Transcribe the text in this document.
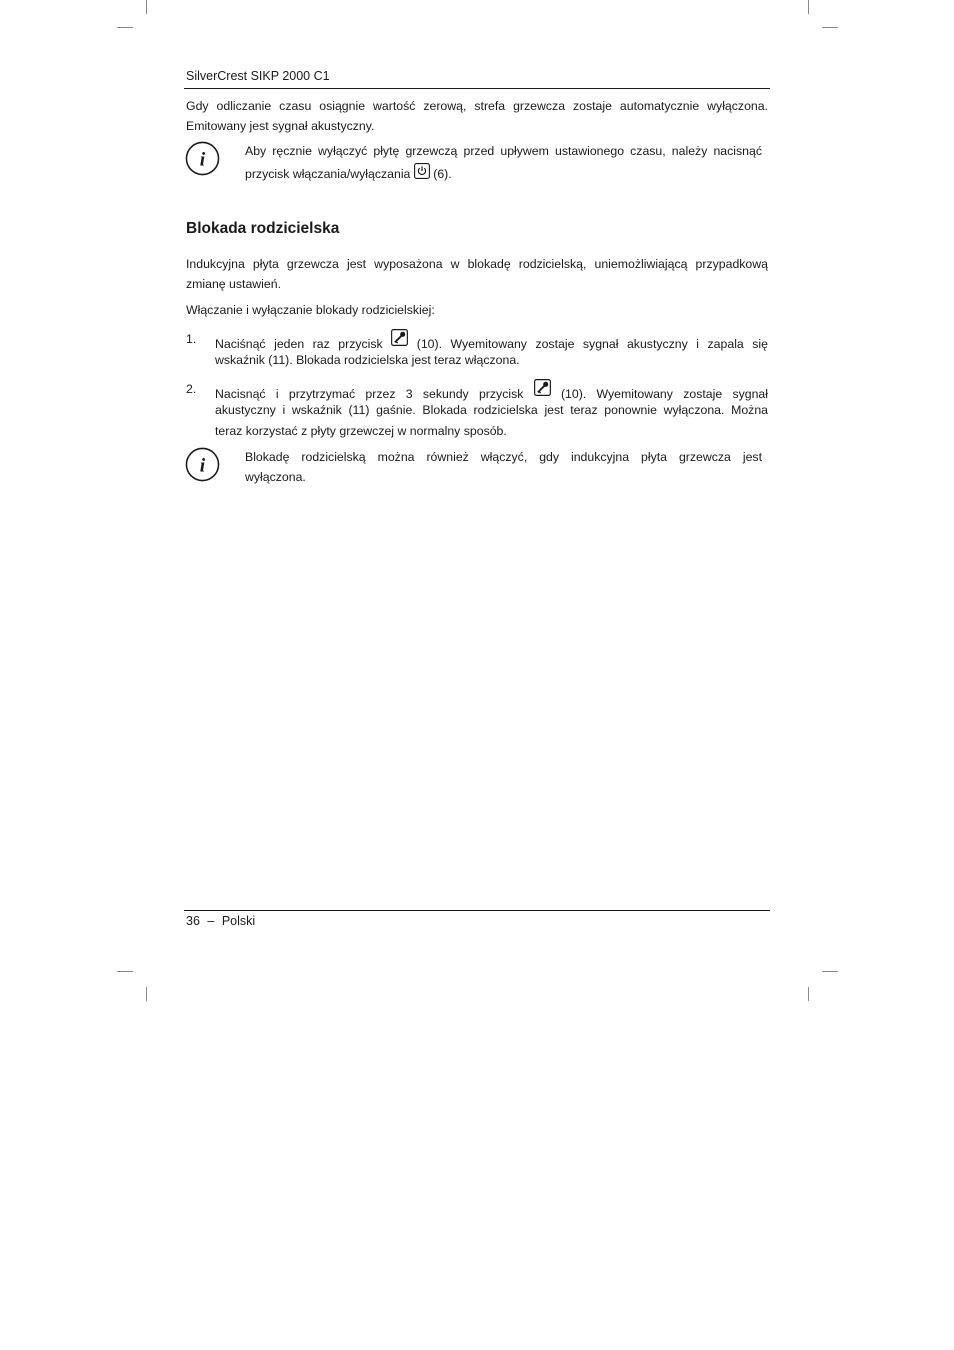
SilverCrest SIKP 2000 C1
Gdy odliczanie czasu osiągnie wartość zerową, strefa grzewcza zostaje automatycznie wyłączona.
Emitowany jest sygnał akustyczny.
i	Aby ręcznie wyłączyć płytę grzewczą przed upływem ustawionego czasu, należy nacisnąć
przycisk włączania/wyłączania (6).
Blokada rodzicielska
Indukcyjna płyta grzewcza jest wyposażona w blokadę rodzicielską, uniemożliwiającą przypadkową
zmianę ustawień.
Włączanie i wyłączanie blokady rodzicielskiej:
1. Naciśnąć jeden raz przycisk	(10). Wyemitowany zostaje sygnał akustyczny i zapala się
wskaźnik (11). Blokada rodzicielska jest teraz włączona.
2. Nacisnąć i przytrzymać przez 3 sekundy przycisk	(10). Wyemitowany zostaje sygnał
akustyczny i wskaźnik (11) gaśnie. Blokada rodzicielska jest teraz ponownie wyłączona. Można
teraz korzystać z płyty grzewczej w normalny sposób.
i	Blokadę rodzicielską można również włączyć, gdy indukcyjna płyta grzewcza jest
wyłączona.
36 – Polski
